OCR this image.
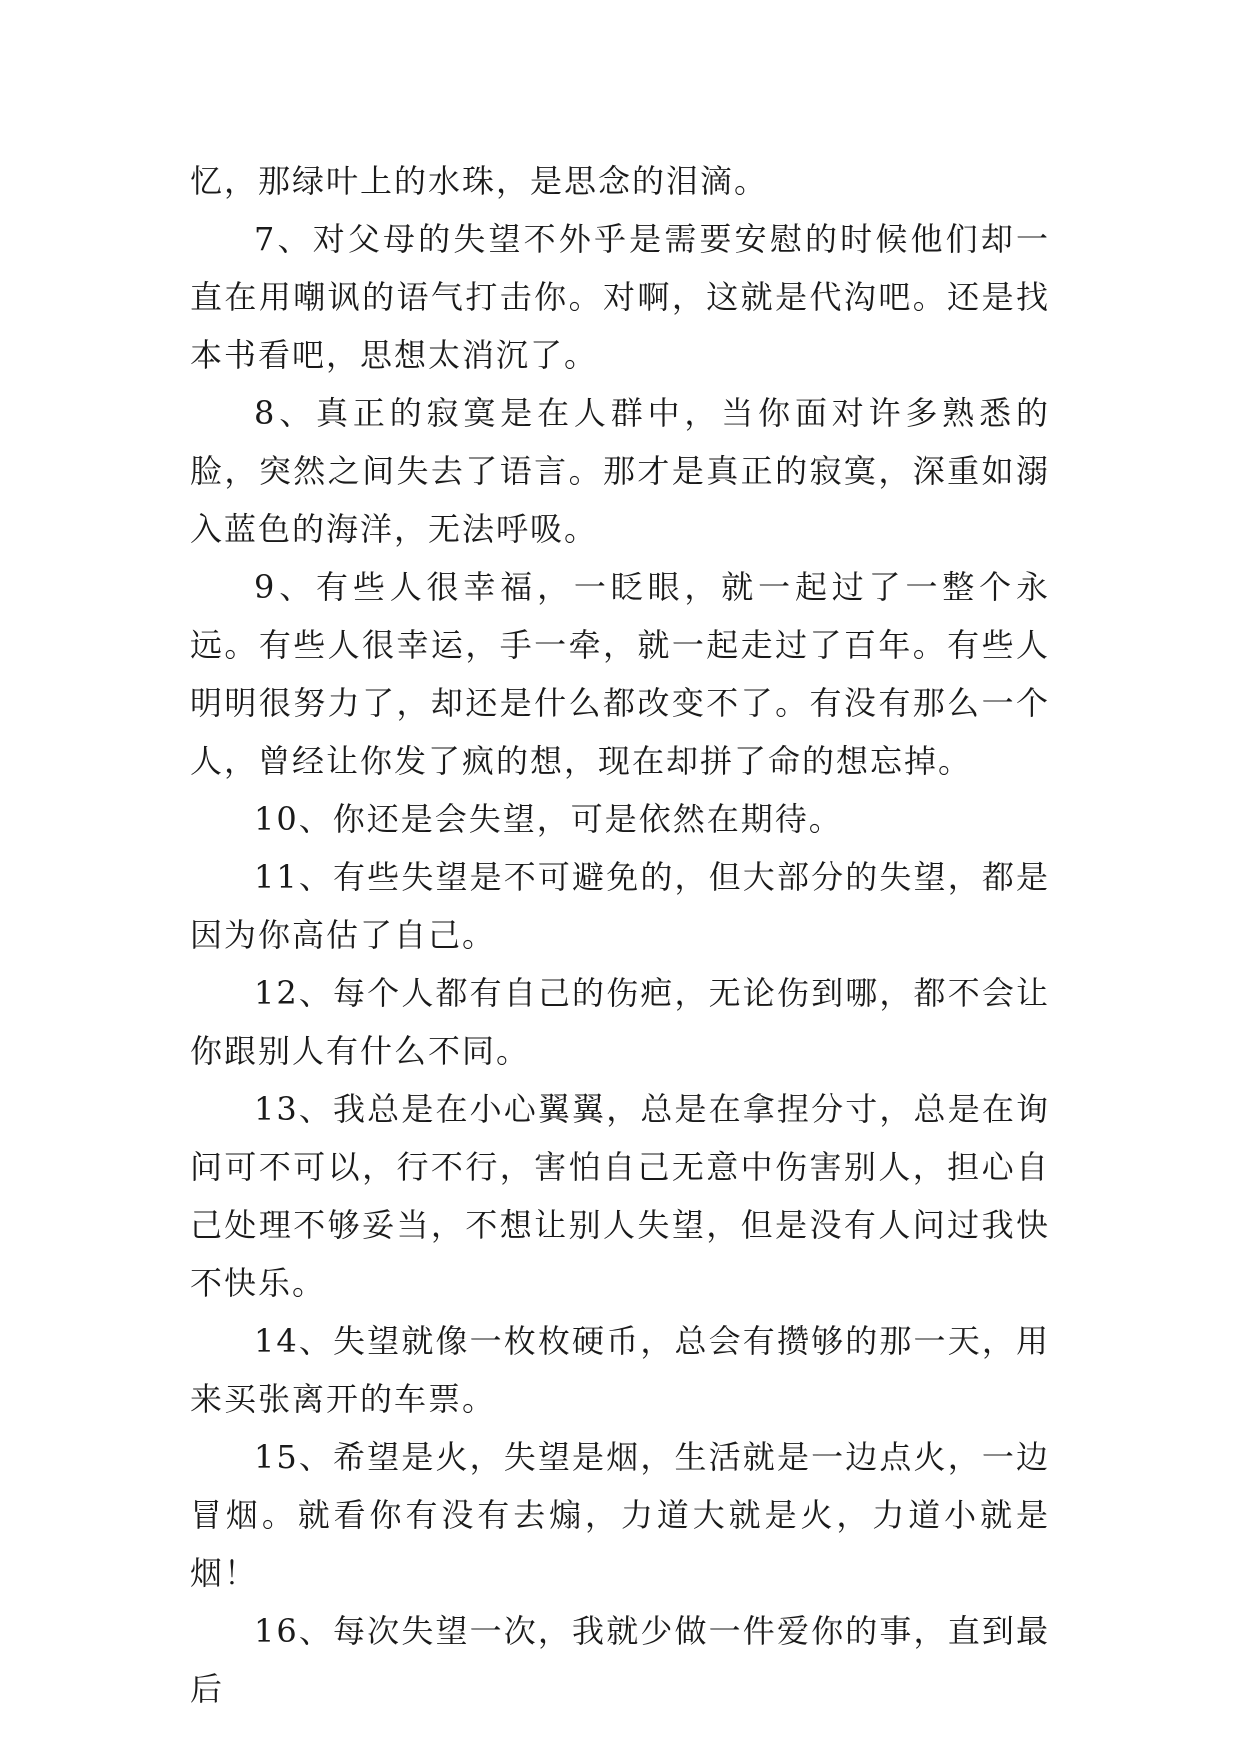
忆，那绿叶上的水珠，是思念的泪滴。

7、对父母的失望不外乎是需要安慰的时候他们却一直在用嘲讽的语气打击你。对啊，这就是代沟吧。还是找本书看吧，思想太消沉了。

8、真正的寂寞是在人群中，当你面对许多熟悉的脸，突然之间失去了语言。那才是真正的寂寞，深重如溺入蓝色的海洋，无法呼吸。

9、有些人很幸福，一眨眼，就一起过了一整个永远。有些人很幸运，手一牵，就一起走过了百年。有些人明明很努力了，却还是什么都改变不了。有没有那么一个人，曾经让你发了疯的想，现在却拼了命的想忘掉。

10、你还是会失望，可是依然在期待。

11、有些失望是不可避免的，但大部分的失望，都是因为你高估了自己。

12、每个人都有自己的伤疤，无论伤到哪，都不会让你跟别人有什么不同。

13、我总是在小心翼翼，总是在拿捏分寸，总是在询问可不可以，行不行，害怕自己无意中伤害别人，担心自己处理不够妥当，不想让别人失望，但是没有人问过我快不快乐。

14、失望就像一枚枚硬币，总会有攒够的那一天，用来买张离开的车票。

15、希望是火，失望是烟，生活就是一边点火，一边冒烟。就看你有没有去煽，力道大就是火，力道小就是烟！

16、每次失望一次，我就少做一件爱你的事，直到最后
